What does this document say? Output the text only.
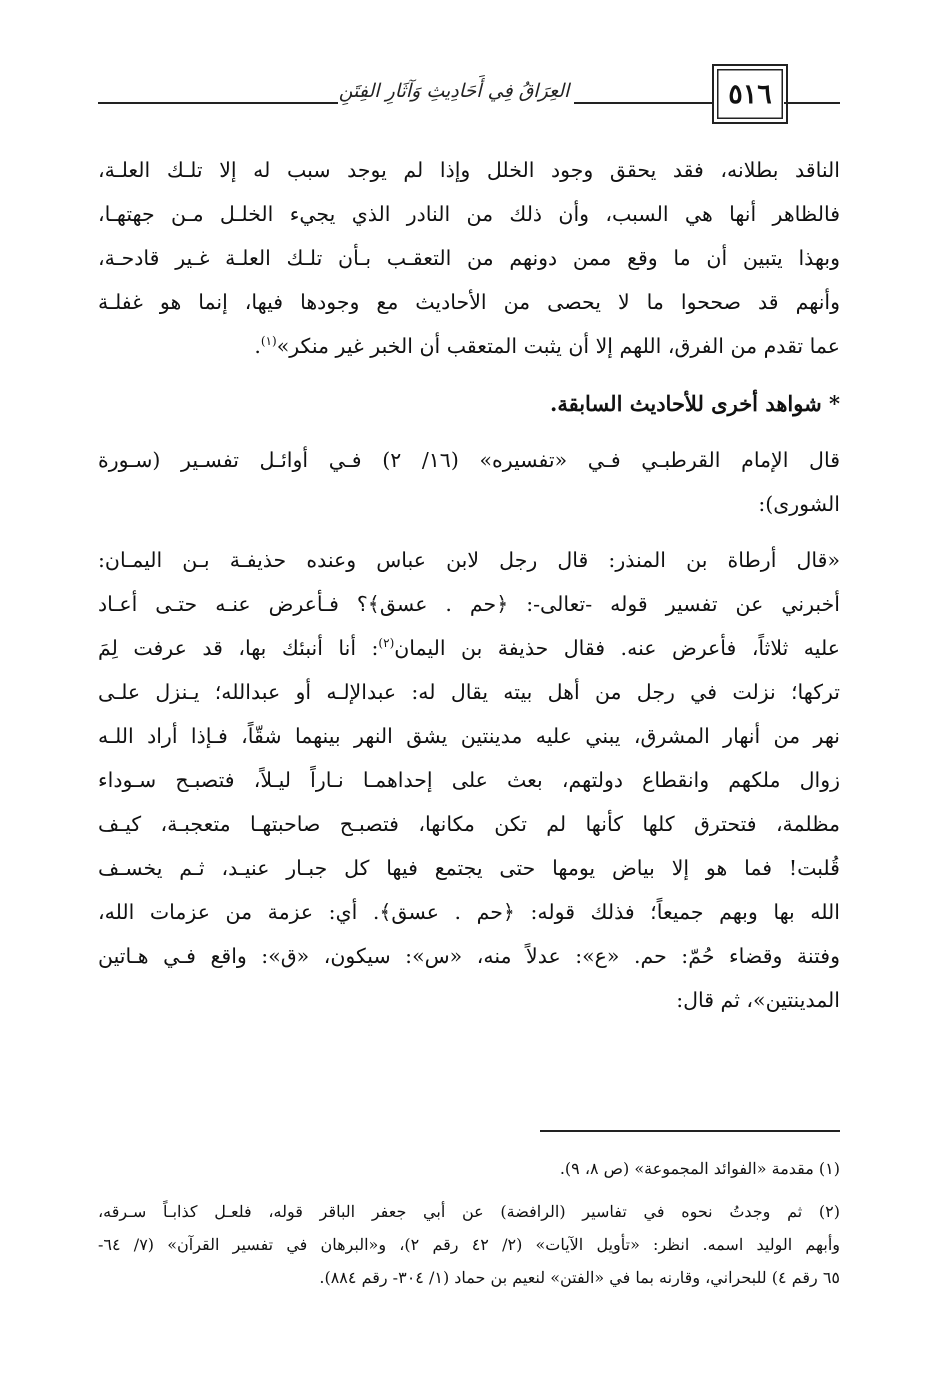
العِرَاقُ فِي أَحَادِيثِ وَآثَارِ الفِتَنِ	٥١٦
الناقد بطلانه، فقد يحقق وجود الخلل وإذا لم يوجد سبب له إلا تلـك العلـة،
فالظاهر أنها هي السبب، وأن ذلك من النادر الذي يجيء الخلـل مـن جهتهـا،
وبهذا يتبين أن ما وقع ممن دونهم من التعقـب بـأن تلـك العلـة غـير قادحـة،
وأنهم قد صححوا ما لا يحصى من الأحاديث مع وجودها فيها، إنما هو غفلـة
عما تقدم من الفرق، اللهم إلا أن يثبت المتعقب أن الخبر غير منكر»$^{(١)}$.
* شواهد أخرى للأحاديث السابقة.
قال الإمام القرطبـي فـي «تفسيره» (١٦/ ٢) فـي أوائـل تفسـير (سـورة
الشورى):
«قال أرطاة بن المنذر: قال رجل لابن عباس وعنده حذيفـة بـن اليمـان:
أخبرني عن تفسير قوله -تعالى-: ﴿حم . عسق﴾؟ فـأعرض عنـه حتـى أعـاد
عليه ثلاثاً، فأعرض عنه. فقال حذيفة بن اليمان$^{(٢)}$: أنا أنبئك بها، قد عرفت لِمَ
تركها؛ نزلت في رجل من أهل بيته يقال له: عبدالإلـه أو عبدالله؛ يـنزل علـى
نهر من أنهار المشرق، يبني عليه مدينتين يشق النهر بينهما شقّاً، فـإذا أراد اللـه
زوال ملكهم وانقطاع دولتهم، بعث على إحداهمـا نـاراً ليـلاً، فتصبـح سـوداء
مظلمة، فتحترق كلها كأنها لم تكن مكانها، فتصبـح صاحبتهـا متعجبـة، كيـف
قُلبت! فما هو إلا بياض يومها حتى يجتمع فيها كل جبـار عنيـد، ثـم يخسـف
الله بها وبهم جميعاً؛ فذلك قوله: ﴿حم . عسق﴾. أي: عزمة من عزمات الله،
وفتنة وقضاء حُمّ: حم. «ع»: عدلاً منه، «س»: سيكون، «ق»: واقع فـي هـاتين
المدينتين»، ثم قال:
(١) مقدمة «الفوائد المجموعة» (ص ٨، ٩).
(٢) ثم وجدتُ نحوه في تفاسير (الرافضة) عن أبي جعفر الباقر قوله، فلعـل كذابـاً سـرقه،
وأبهم الوليد اسمه. انظر: «تأويل الآيات» (٢/ ٤٢ رقم ٢)، و«البرهان في تفسير القرآن» (٧/ ٦٤-
٦٥ رقم ٤) للبحراني، وقارنه بما في «الفتن» لنعيم بن حماد (١/ ٣٠٤- رقم ٨٨٤).
